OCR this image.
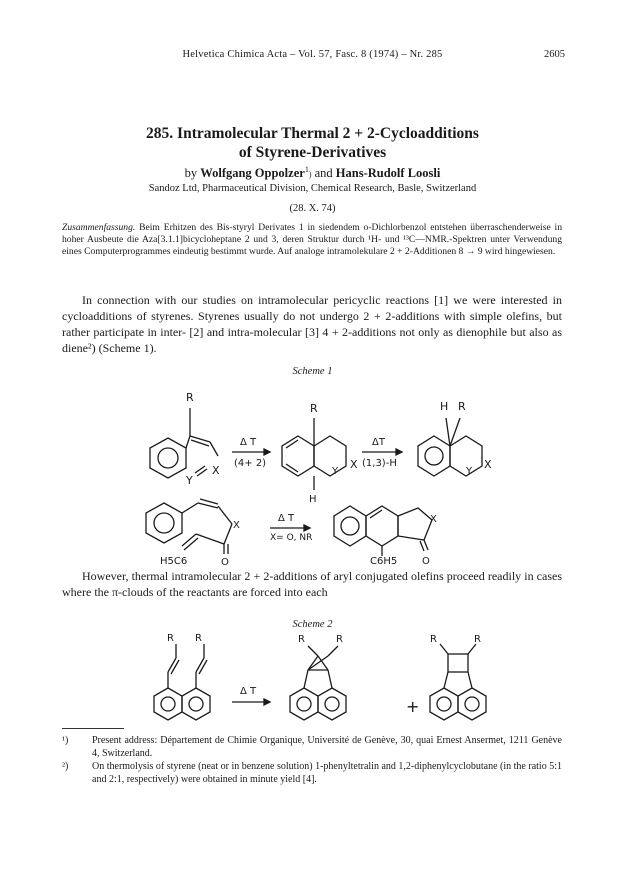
Helvetica Chimica Acta – Vol. 57, Fasc. 8 (1974) – Nr. 285	2605
285. Intramolecular Thermal 2 + 2-Cycloadditions
of Styrene-Derivatives
by Wolfgang Oppolzer$^1$) and Hans-Rudolf Loosli
Sandoz Ltd, Pharmaceutical Division, Chemical Research, Basle, Switzerland
(28. X. 74)
Zusammenfassung. Beim Erhitzen des Bis-styryl Derivates 1 in siedendem o-Dichlorbenzol entstehen überraschenderweise in hoher Ausbeute die Aza[3.1.1]bicycloheptane 2 und 3, deren Struktur durch ¹H- und ¹³C—NMR.-Spektren unter Verwendung eines Computerprogrammes eindeutig bestimmt wurde. Auf analoge intramolekulare 2 + 2-Additionen 8 → 9 wird hingewiesen.
In connection with our studies on intramolecular pericyclic reactions [1] we were interested in cycloadditions of styrenes. Styrenes usually do not undergo 2 + 2-additions with simple olefins, but rather participate in inter- [2] and intra-molecular [3] 4 + 2-additions not only as dienophile but also as diene²) (Scheme 1).
Scheme 1
R
X
Y
Δ T
(4+ 2)
R
H
Y
X
ΔT
(1,3)-H
H R
Y
X
X
O
H5C6
Δ T
X= O, NR
X
O
C6H5
However, thermal intramolecular 2 + 2-additions of aryl conjugated olefins proceed readily in cases where the π-clouds of the reactants are forced into each
Scheme 2
R R
Δ T
R	R
+
R	R
¹)	Present address: Département de Chimie Organique, Université de Genève, 30, quai Ernest Ansermet, 1211 Genève 4, Switzerland.
²)	On thermolysis of styrene (neat or in benzene solution) 1-phenyltetralin and 1,2-diphenylcyclobutane (in the ratio 5:1 and 2:1, respectively) were obtained in minute yield [4].
